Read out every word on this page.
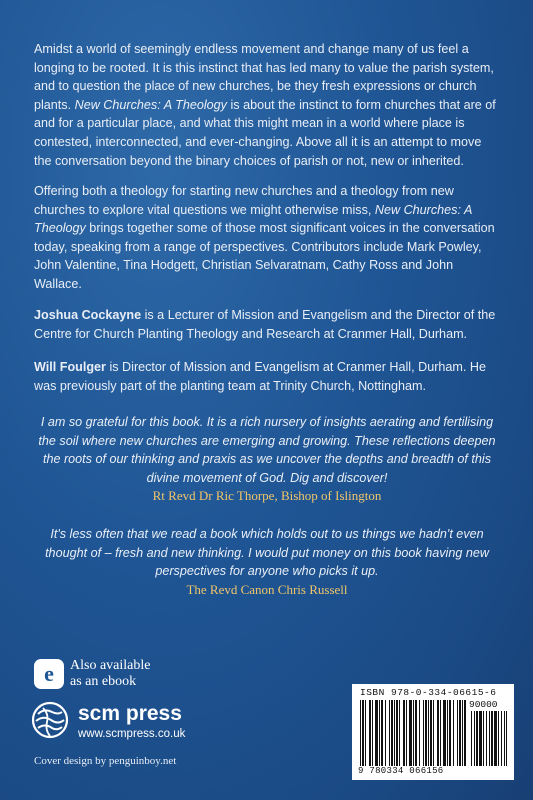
Amidst a world of seemingly endless movement and change many of us feel a longing to be rooted. It is this instinct that has led many to value the parish system, and to question the place of new churches, be they fresh expressions or church plants. New Churches: A Theology is about the instinct to form churches that are of and for a particular place, and what this might mean in a world where place is contested, interconnected, and ever-changing. Above all it is an attempt to move the conversation beyond the binary choices of parish or not, new or inherited.
Offering both a theology for starting new churches and a theology from new churches to explore vital questions we might otherwise miss, New Churches: A Theology brings together some of those most significant voices in the conversation today, speaking from a range of perspectives. Contributors include Mark Powley, John Valentine, Tina Hodgett, Christian Selvaratnam, Cathy Ross and John Wallace.
Joshua Cockayne is a Lecturer of Mission and Evangelism and the Director of the Centre for Church Planting Theology and Research at Cranmer Hall, Durham.
Will Foulger is Director of Mission and Evangelism at Cranmer Hall, Durham. He was previously part of the planting team at Trinity Church, Nottingham.
I am so grateful for this book. It is a rich nursery of insights aerating and fertilising the soil where new churches are emerging and growing. These reflections deepen the roots of our thinking and praxis as we uncover the depths and breadth of this divine movement of God. Dig and discover!
Rt Revd Dr Ric Thorpe, Bishop of Islington
It's less often that we read a book which holds out to us things we hadn't even thought of – fresh and new thinking. I would put money on this book having new perspectives for anyone who picks it up.
The Revd Canon Chris Russell
e	Also available
as an ebook
scm press
www.scmpress.co.uk
Cover design by penguinboy.net
ISBN 978-0-334-06615-6
90000
9 780334 066156
